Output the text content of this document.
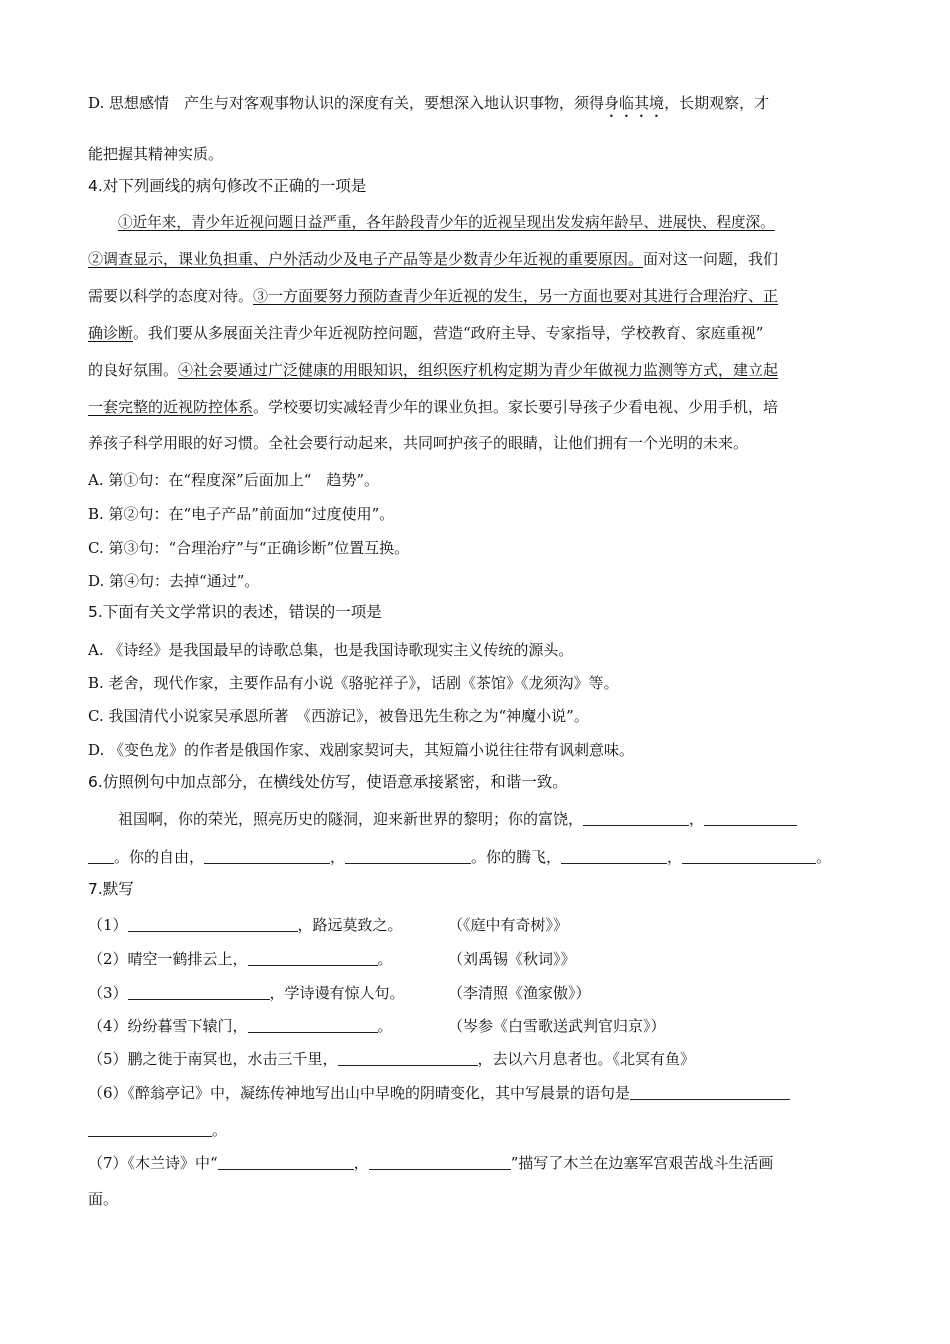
D. 思想感情　产生与对客观事物认识的深度有关，要想深入地认识事物，须得身临其境，长期观察，才
能把握其精神实质。
4.对下列画线的病句修改不正确的一项是
①近年来，青少年近视问题日益严重，各年龄段青少年的近视呈现出发发病年龄早、进展快、程度深。
②调查显示，课业负担重、户外活动少及电子产品等是少数青少年近视的重要原因。面对这一问题，我们
需要以科学的态度对待。③一方面要努力预防查青少年近视的发生，另一方面也要对其进行合理治疗、正
确诊断。我们要从多展面关注青少年近视防控问题，营造“政府主导、专家指导，学校教育、家庭重视”
的良好氛围。④社会要通过广泛健康的用眼知识，组织医疗机构定期为青少年做视力监测等方式，建立起
一套完整的近视防控体系。学校要切实减轻青少年的课业负担。家长要引导孩子少看电视、少用手机，培
养孩子科学用眼的好习惯。全社会要行动起来，共同呵护孩子的眼睛，让他们拥有一个光明的未来。
A. 第①句：在“程度深”后面加上“　趋势”。
B. 第②句：在“电子产品”前面加“过度使用”。
C. 第③句：“合理治疗”与“正确诊断”位置互换。
D. 第④句：去掉“通过”。
5.下面有关文学常识的表述，错误的一项是
A. 《诗经》是我国最早的诗歌总集，也是我国诗歌现实主义传统的源头。
B. 老舍，现代作家，主要作品有小说《骆驼祥子》，话剧《茶馆》《龙须沟》等。
C. 我国清代小说家吴承恩所著　《西游记》，被鲁迅先生称之为“神魔小说”。
D. 《变色龙》的作者是俄国作家、戏剧家契诃夫，其短篇小说往往带有讽刺意味。
6.仿照例句中加点部分，在横线处仿写，使语意承接紧密，和谐一致。
祖国啊，你的荣光，照亮历史的隧洞，迎来新世界的黎明；你的富饶，	，
。你的自由，	，	。你的腾飞，	，	。
7.默写
（1）	，路远莫致之。	（《庭中有奇树》》
（2）晴空一鹤排云上，	。	（刘禹锡《秋词》》
（3）	，学诗谩有惊人句。	（李清照《渔家傲》）
（4）纷纷暮雪下辕门，	。	（岑参《白雪歌送武判官归京》）
（5）鹏之徙于南冥也，水击三千里，	，去以六月息者也。《北冥有鱼》
（6）《醉翁亭记》中，凝练传神地写出山中早晚的阴晴变化，其中写晨景的语句是
。
（7）《木兰诗》中“	，	”描写了木兰在边塞军宫艰苦战斗生活画
面。
